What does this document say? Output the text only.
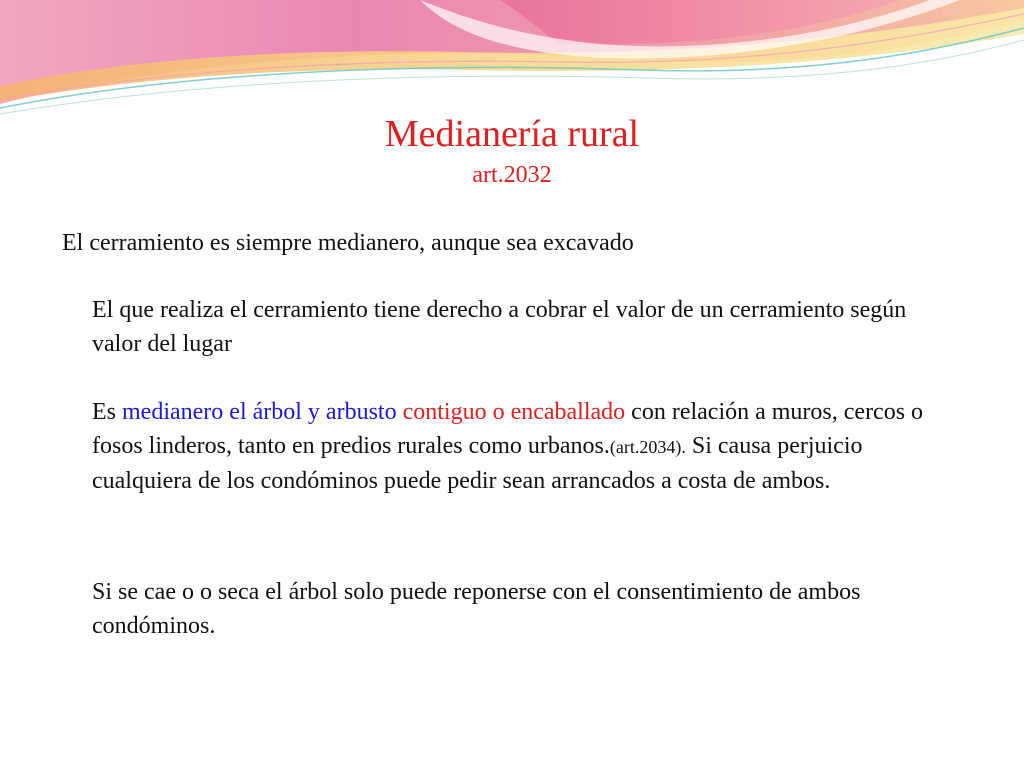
Medianería rural
art.2032
El cerramiento es siempre medianero, aunque sea excavado
El que realiza el cerramiento tiene derecho a cobrar el valor de un cerramiento según valor del lugar
Es medianero el árbol y arbusto contiguo o encaballado con relación a muros, cercos o fosos linderos, tanto en predios rurales como urbanos.(art.2034). Si causa perjuicio cualquiera de los condóminos puede pedir sean arrancados a costa de ambos.
Si se cae o o seca el árbol solo puede reponerse con el consentimiento de ambos condóminos.
